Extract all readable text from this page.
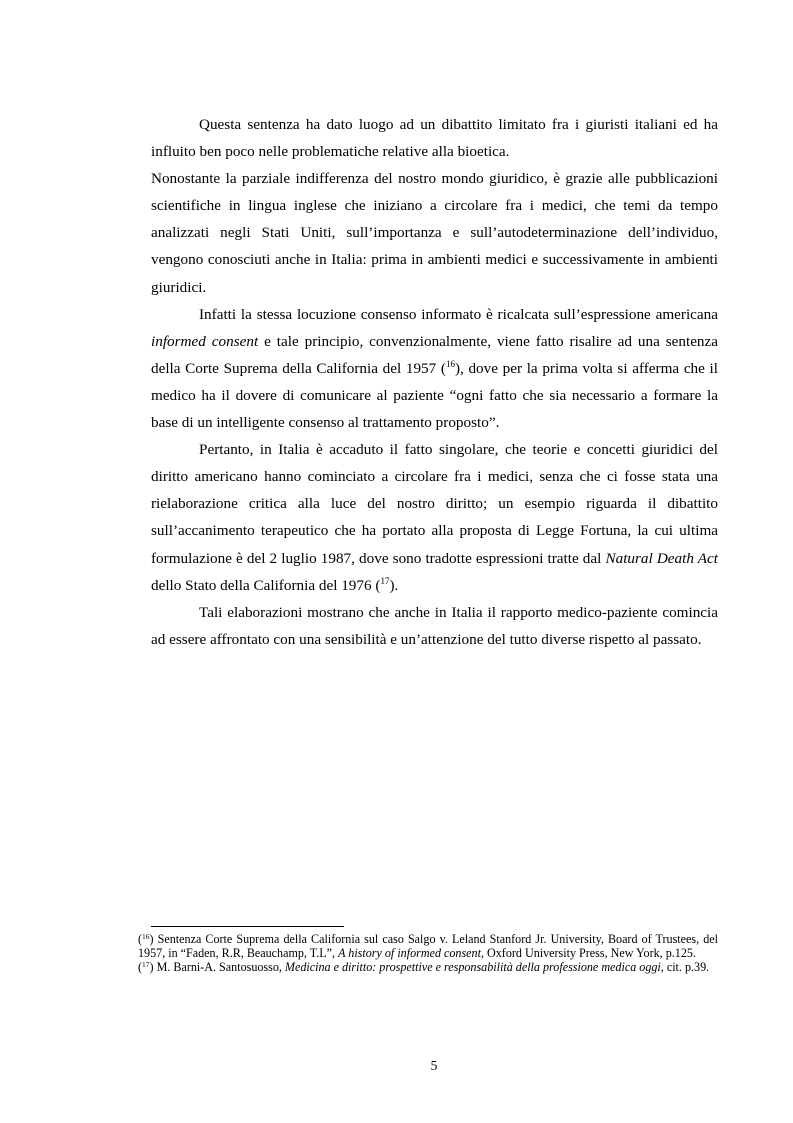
Questa sentenza ha dato luogo ad un dibattito limitato fra i giuristi italiani ed ha influito ben poco nelle problematiche relative alla bioetica.

Nonostante la parziale indifferenza del nostro mondo giuridico, è grazie alle pubblicazioni scientifiche in lingua inglese che iniziano a circolare fra i medici, che temi da tempo analizzati negli Stati Uniti, sull’importanza e sull’autodeterminazione dell’individuo, vengono conosciuti anche in Italia: prima in ambienti medici e successivamente in ambienti giuridici.

Infatti la stessa locuzione consenso informato è ricalcata sull’espressione americana informed consent e tale principio, convenzionalmente, viene fatto risalire ad una sentenza della Corte Suprema della California del 1957 ($^{16}$), dove per la prima volta si afferma che il medico ha il dovere di comunicare al paziente “ogni fatto che sia necessario a formare la base di un intelligente consenso al trattamento proposto”.

Pertanto, in Italia è accaduto il fatto singolare, che teorie e concetti giuridici del diritto americano hanno cominciato a circolare fra i medici, senza che ci fosse stata una rielaborazione critica alla luce del nostro diritto; un esempio riguarda il dibattito sull’accanimento terapeutico che ha portato alla proposta di Legge Fortuna, la cui ultima formulazione è del 2 luglio 1987, dove sono tradotte espressioni tratte dal Natural Death Act dello Stato della California del 1976 ($^{17}$).

Tali elaborazioni mostrano che anche in Italia il rapporto medico-paziente comincia ad essere affrontato con una sensibilità e un’attenzione del tutto diverse rispetto al passato.

($^{16}$) Sentenza Corte Suprema della California sul caso Salgo v. Leland Stanford Jr. University, Board of Trustees, del 1957, in “Faden, R.R, Beauchamp, T.L”, A history of informed consent, Oxford University Press, New York, p.125.

($^{17}$) M. Barni-A. Santosuosso, Medicina e diritto: prospettive e responsabilità della professione medica oggi, cit. p.39.

5
